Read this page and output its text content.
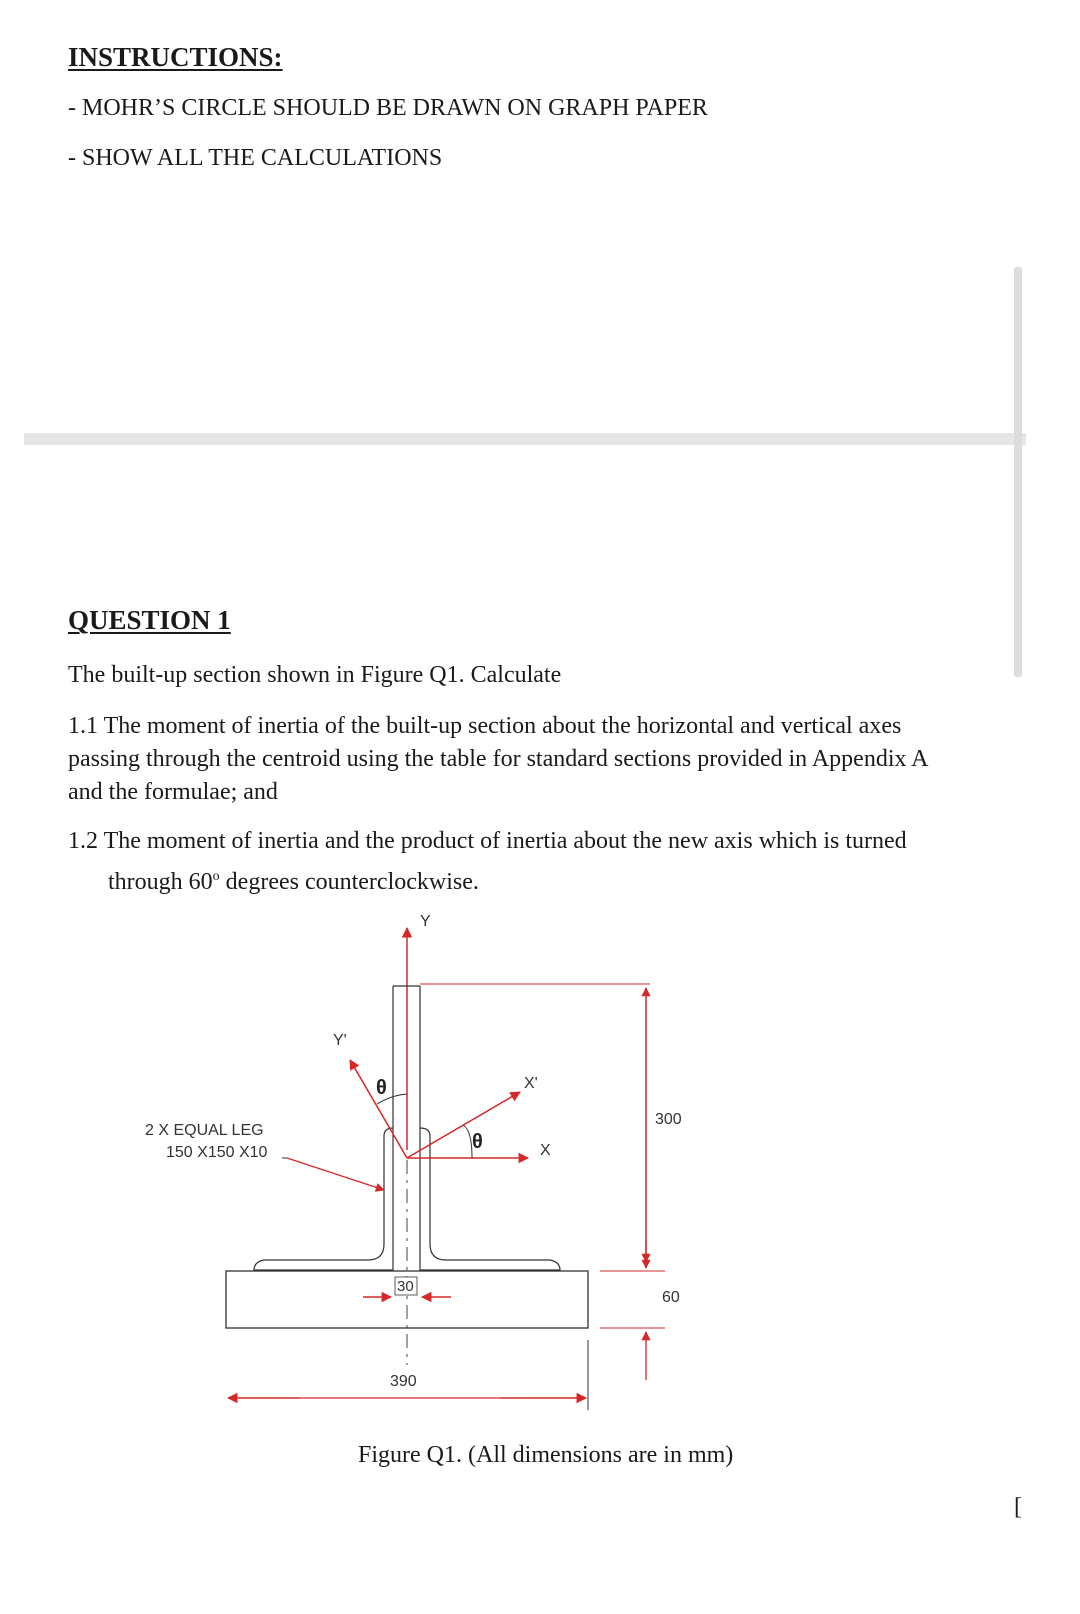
INSTRUCTIONS:
- MOHR’S CIRCLE SHOULD BE DRAWN ON GRAPH PAPER
- SHOW ALL THE CALCULATIONS
QUESTION 1
The built-up section shown in Figure Q1. Calculate
1.1 The moment of inertia of the built-up section about the horizontal and vertical axes
passing through the centroid using the table for standard sections provided in Appendix A
and the formulae; and
1.2 The moment of inertia and the product of inertia about the new axis which is turned
through 60$^o$ degrees counterclockwise.
Y
Y'
X'
X
θ
θ
2 X EQUAL LEG
150 X150 X10
300
60
30
390
Figure Q1. (All dimensions are in mm)
[
